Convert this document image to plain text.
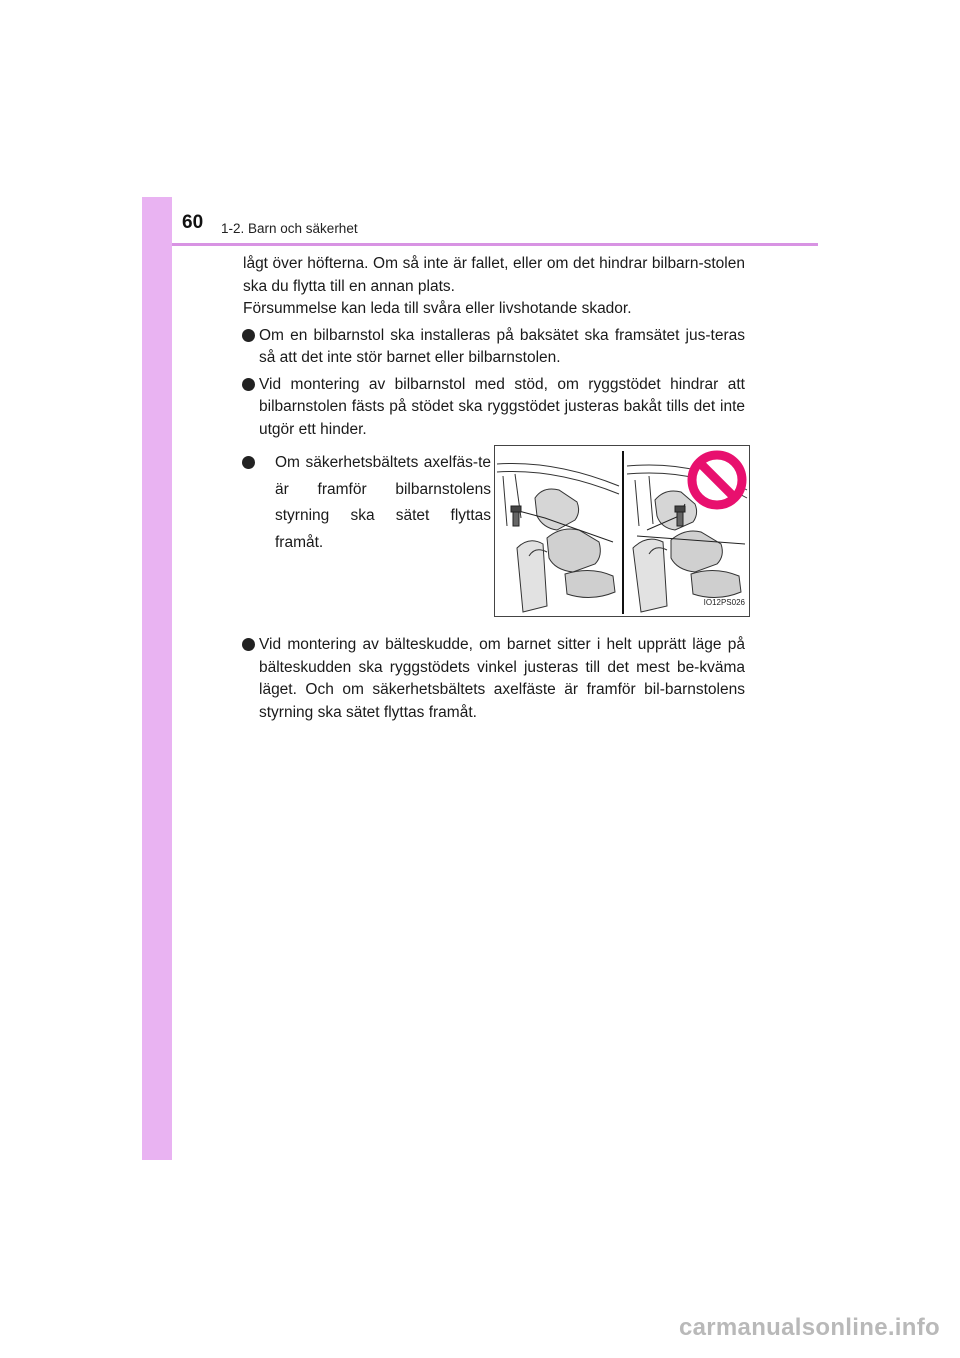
60 1-2. Barn och säkerhet

lågt över höfterna. Om så inte är fallet, eller om det hindrar bilbarn-stolen ska du flytta till en annan plats.

Försummelse kan leda till svåra eller livshotande skador.

Om en bilbarnstol ska installeras på baksätet ska framsätet jus-teras så att det inte stör barnet eller bilbarnstolen.
Vid montering av bilbarnstol med stöd, om ryggstödet hindrar att bilbarnstolen fästs på stödet ska ryggstödet justeras bakåt tills det inte utgör ett hinder.
Om säkerhetsbältets axelfäs-te är framför bilbarnstolens styrning ska sätet flyttas framåt.
IO12PS026
Vid montering av bälteskudde, om barnet sitter i helt upprätt läge på bälteskudden ska ryggstödets vinkel justeras till det mest be-kväma läget. Och om säkerhetsbältets axelfäste är framför bil-barnstolens styrning ska sätet flyttas framåt.
carmanualsonline.info
